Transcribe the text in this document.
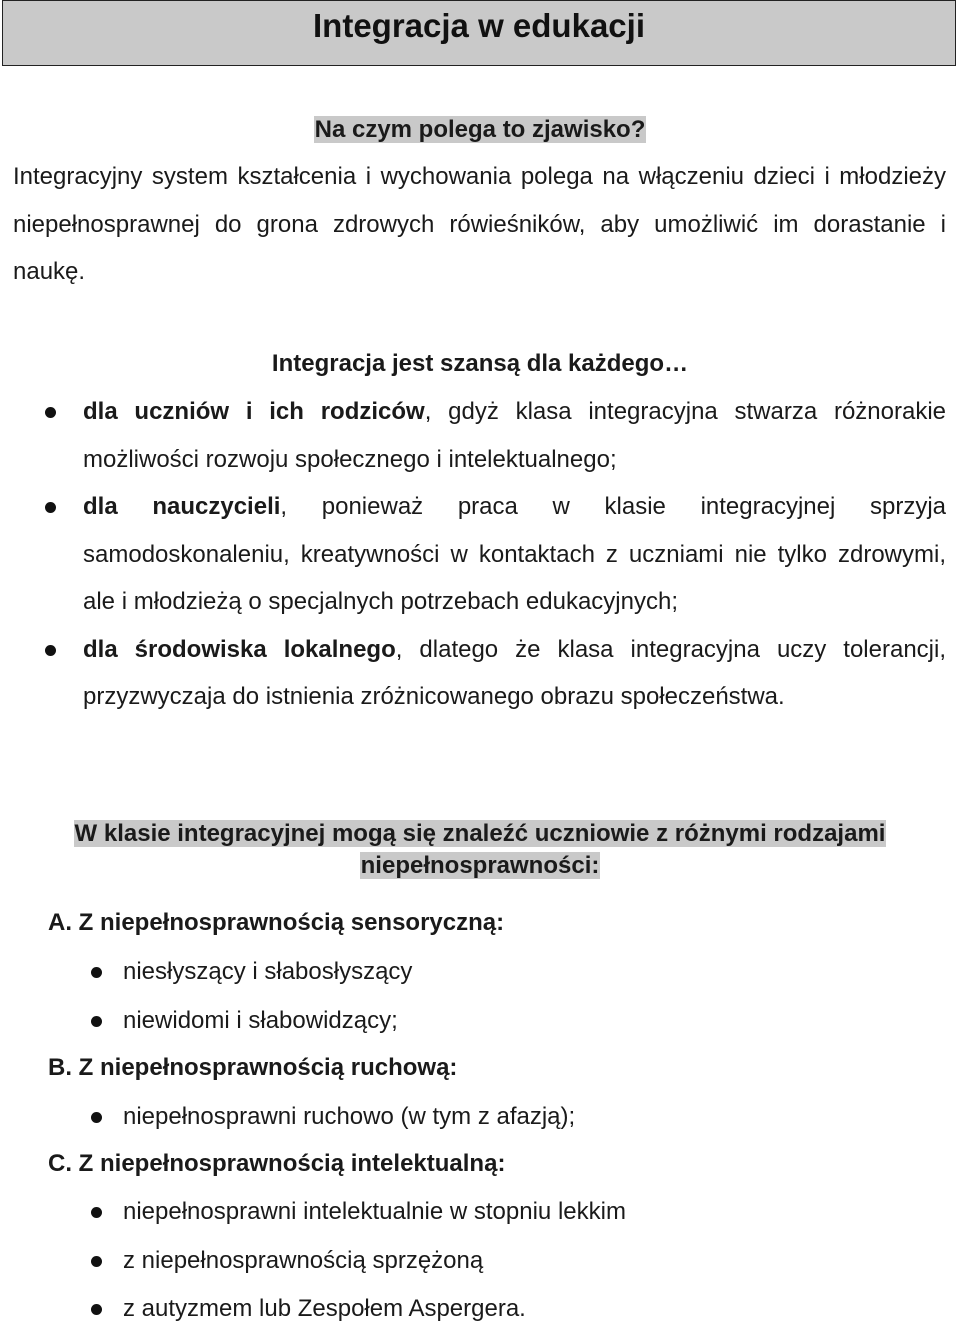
Integracja w edukacji
Na czym polega to zjawisko?

Integracyjny system kształcenia i wychowania polega na włączeniu dzieci i młodzieży niepełnosprawnej do grona zdrowych rówieśników, aby umożliwić im dorastanie i naukę.

Integracja jest szansą dla każdego…
dla uczniów i ich rodziców, gdyż klasa integracyjna stwarza różnorakie możliwości rozwoju społecznego i intelektualnego;
dla nauczycieli, ponieważ praca w klasie integracyjnej sprzyja samodoskonaleniu, kreatywności w kontaktach z uczniami nie tylko zdrowymi, ale i młodzieżą o specjalnych potrzebach edukacyjnych;
dla środowiska lokalnego, dlatego że klasa integracyjna uczy tolerancji, przyzwyczaja do istnienia zróżnicowanego obrazu społeczeństwa.
W klasie integracyjnej mogą się znaleźć uczniowie z różnymi rodzajami
niepełnosprawności:
A. Z niepełnosprawnością sensoryczną:
niesłyszący i słabosłyszący
niewidomi i słabowidzący;
B. Z niepełnosprawnością ruchową:
niepełnosprawni ruchowo (w tym z afazją);
C. Z niepełnosprawnością intelektualną:
niepełnosprawni intelektualnie w stopniu lekkim
z niepełnosprawnością sprzężoną
z autyzmem lub Zespołem Aspergera.
